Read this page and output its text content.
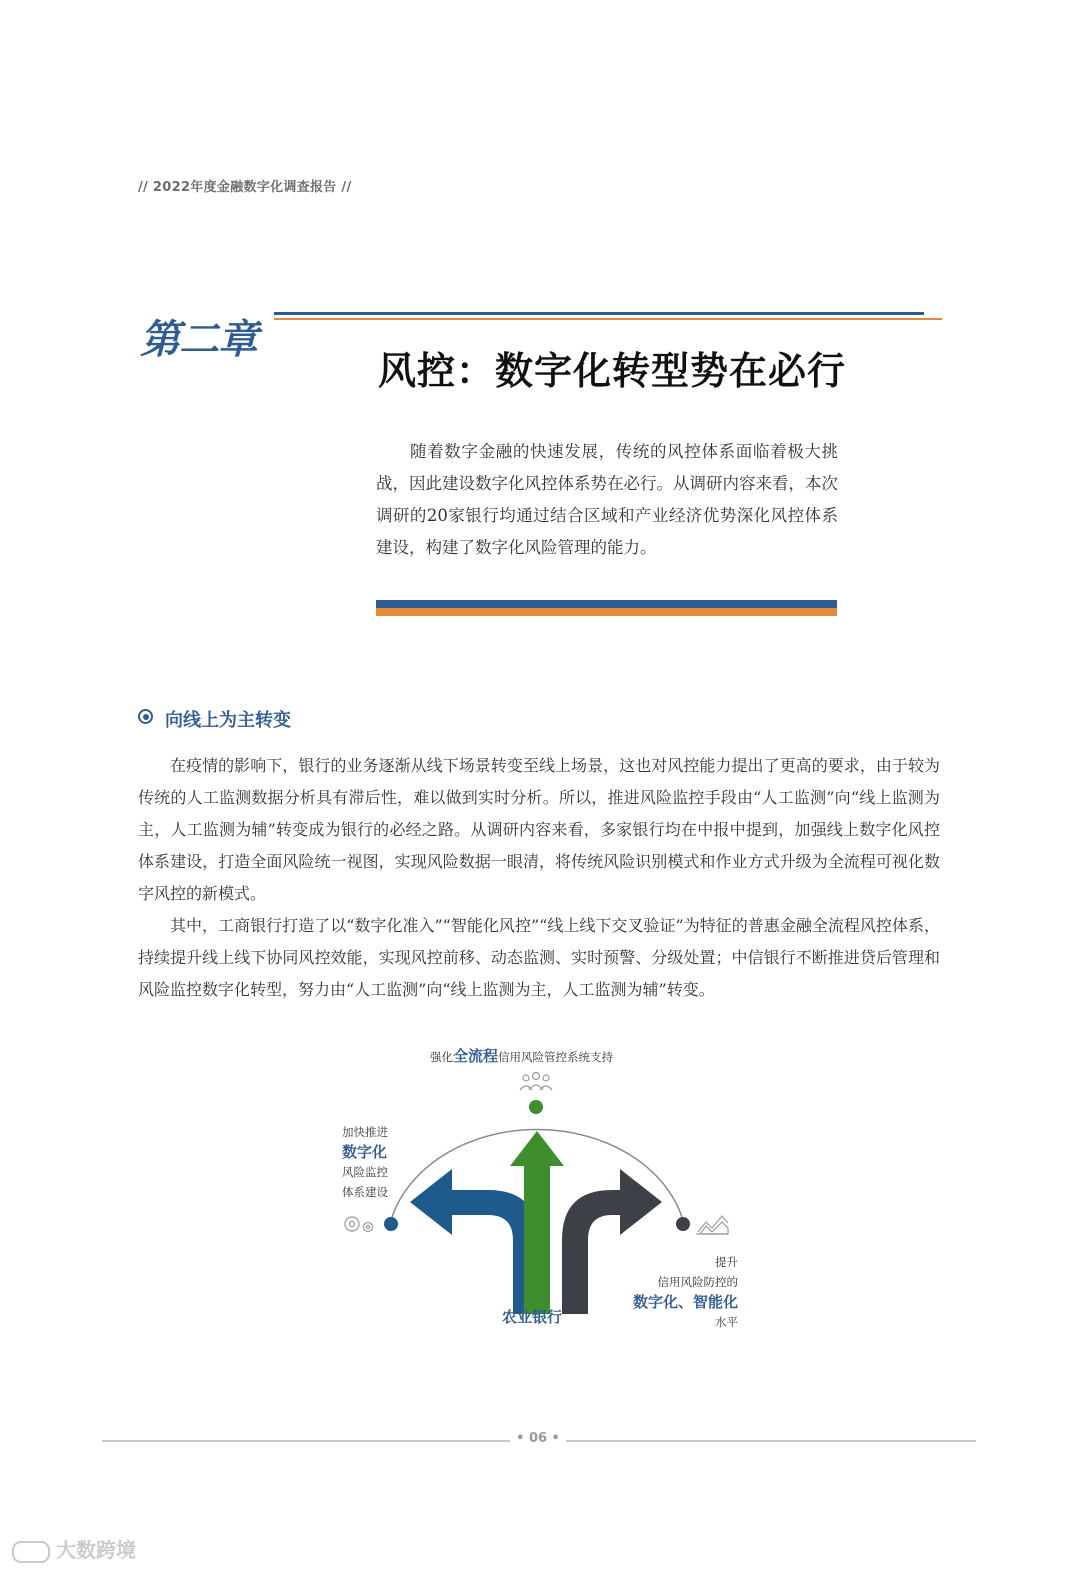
// 2022年度金融数字化调查报告 //
第二章
风控：数字化转型势在必行

随着数字金融的快速发展，传统的风控体系面临着极大挑战，因此建设数字化风控体系势在必行。从调研内容来看，本次调研的20家银行均通过结合区域和产业经济优势深化风控体系建设，构建了数字化风险管理的能力。

向线上为主转变

在疫情的影响下，银行的业务逐渐从线下场景转变至线上场景，这也对风控能力提出了更高的要求，由于较为传统的人工监测数据分析具有滞后性，难以做到实时分析。所以，推进风险监控手段由“人工监测”向“线上监测为主，人工监测为辅”转变成为银行的必经之路。从调研内容来看，多家银行均在中报中提到，加强线上数字化风控体系建设，打造全面风险统一视图，实现风险数据一眼清，将传统风险识别模式和作业方式升级为全流程可视化数字风控的新模式。

其中，工商银行打造了以“数字化准入”“智能化风控”“线上线下交叉验证”为特征的普惠金融全流程风控体系，持续提升线上线下协同风控效能，实现风控前移、动态监测、实时预警、分级处置；中信银行不断推进贷后管理和风险监控数字化转型，努力由“人工监测”向“线上监测为主，人工监测为辅”转变。

强化全流程信用风险管控系统支持
加快推进
数字化
风险监控
体系建设
提升
信用风险防控的
数字化、智能化
水平
农业银行
• 06 •
大数跨境
